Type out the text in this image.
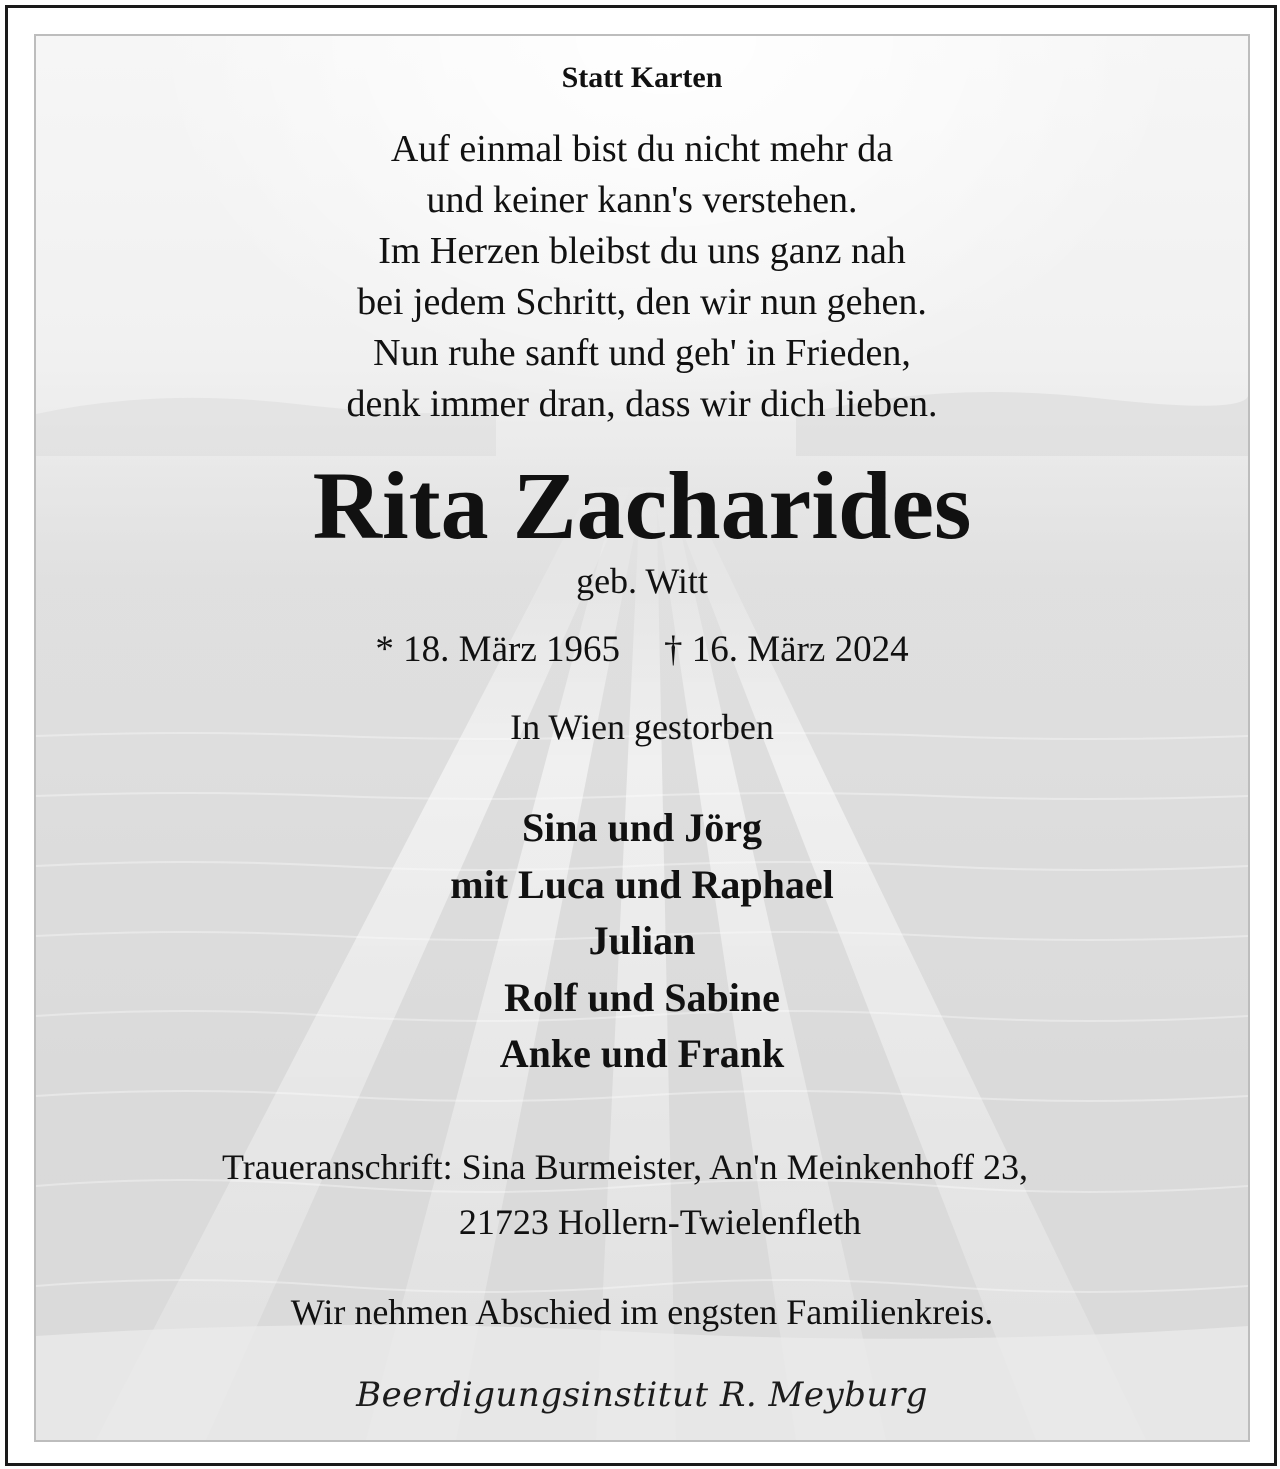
Statt Karten

Auf einmal bist du nicht mehr da
und keiner kann's verstehen.
Im Herzen bleibst du uns ganz nah
bei jedem Schritt, den wir nun gehen.
Nun ruhe sanft und geh' in Frieden,
denk immer dran, dass wir dich lieben.
Rita Zacharides

geb. Witt

* 18. März 1965 † 16. März 2024

In Wien gestorben

Sina und Jörg
mit Luca und Raphael
Julian
Rolf und Sabine
Anke und Frank
Traueranschrift: Sina Burmeister, An'n Meinkenhoff 23,
21723 Hollern-Twielenfleth

Wir nehmen Abschied im engsten Familienkreis.

Beerdigungsinstitut R. Meyburg
